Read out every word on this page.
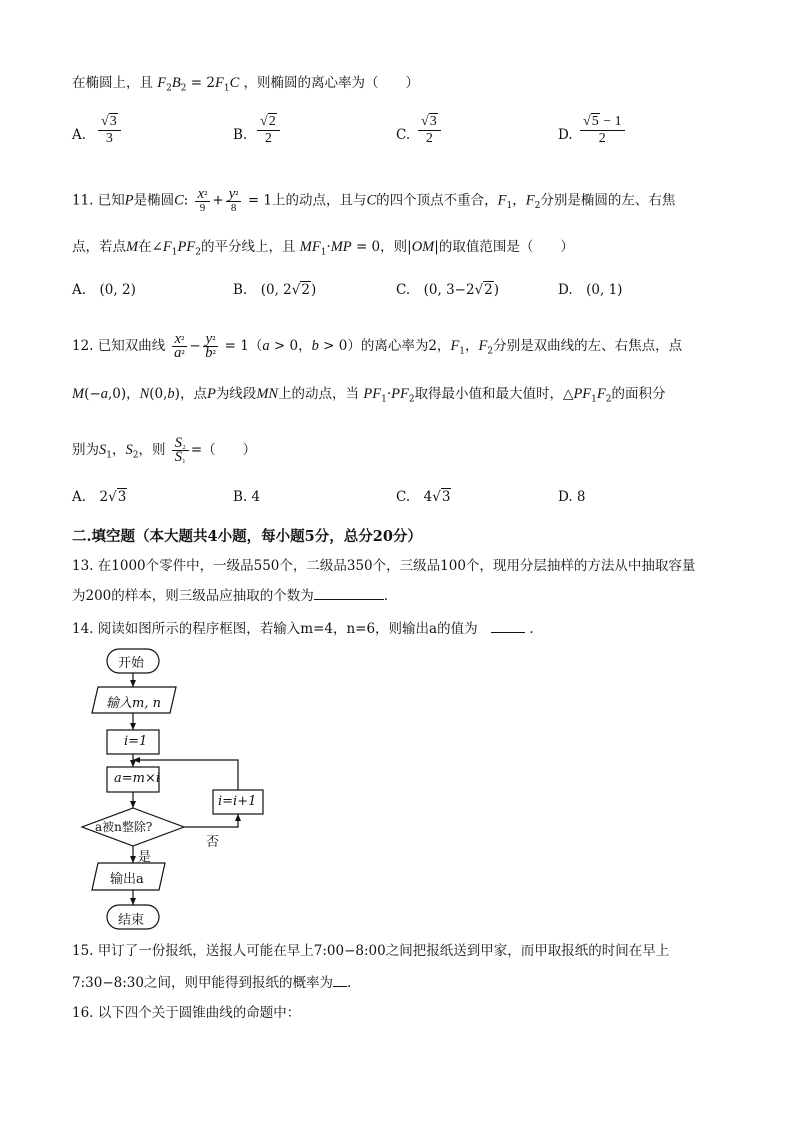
在椭圆上，且 $F_2B_2 = 2F_1C$ ，则椭圆的离心率为（　　）
A. $\frac{√3}{3}$	B. $\frac{√2}{2}$	C. $\frac{√3}{2}$	D. $\frac{√5 - 1}{2}$
11. 已知P是椭圆C: $\frac{\text{x²}}{9} + \frac{\text{y²}}{8} = 1$上的动点，且与C的四个顶点不重合，$F_1$，$F_2$分别是椭圆的左、右焦
点，若点M在$\angle F_1PF_2$的平分线上，且 $MF_1\cdot MP = 0$，则|OM|的取值范围是（　　）
A.　(0, 2)	B.　(0, 2√2)	C.　(0, 3−2√2)	D.　(0, 1)
12. 已知双曲线 $\frac{\text{x²}}{\text{a²}} - \frac{\text{y²}}{\text{b²}} = 1(a > 0$，b > 0）的离心率为2，$F_1$，$F_2$分别是双曲线的左、右焦点，点
M(−a,0)，N(0,b)，点P为线段MN上的动点，当 $PF_1\cdot PF_2$取得最小值和最大值时，$\triangle PF_1F_2$的面积分
别为$S_1$，$S_2$，则 $\frac{\text{S₂}}{\text{S₁}}$ =（　　）
A.　2√3	B. 4	C.　4√3	D. 8
二.填空题（本大题共4小题，每小题5分，总分20分）
13. 在1000个零件中，一级品550个，二级品350个，三级品100个，现用分层抽样的方法从中抽取容量
为200的样本，则三级品应抽取的个数为	.
14. 阅读如图所示的程序框图，若输入m=4，n=6，则输出a的值为　	.
开始
输入m, n
i=1
a=m×i
a被n整除?
i=i+1
否
是
输出a
结束
15. 甲订了一份报纸，送报人可能在早上7:00−8:00之间把报纸送到甲家，而甲取报纸的时间在早上
7:30−8:30之间，则甲能得到报纸的概率为 .
16. 以下四个关于圆锥曲线的命题中：
